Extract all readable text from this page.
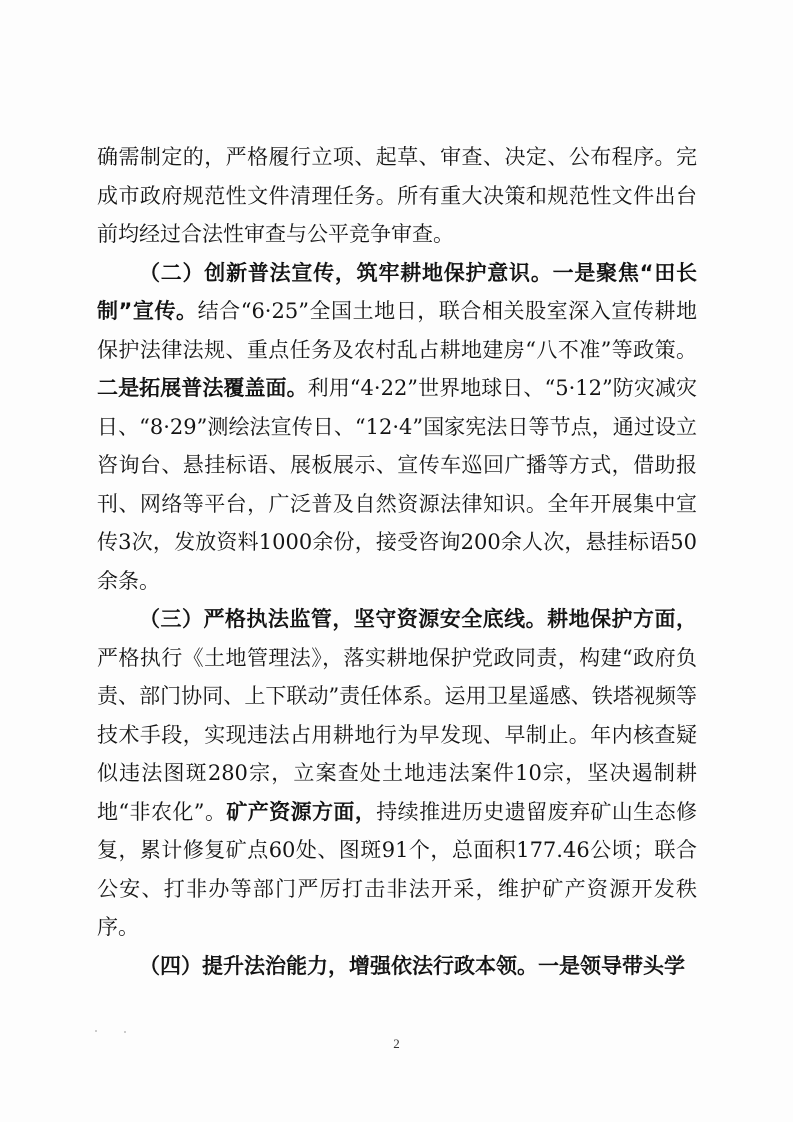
确需制定的，严格履行立项、起草、审查、决定、公布程序。完成市政府规范性文件清理任务。所有重大决策和规范性文件出台前均经过合法性审查与公平竞争审查。

（二）创新普法宣传，筑牢耕地保护意识。一是聚焦“田长制”宣传。结合“6·25”全国土地日，联合相关股室深入宣传耕地保护法律法规、重点任务及农村乱占耕地建房“八不准”等政策。二是拓展普法覆盖面。利用“4·22”世界地球日、“5·12”防灾减灾日、“8·29”测绘法宣传日、“12·4”国家宪法日等节点，通过设立咨询台、悬挂标语、展板展示、宣传车巡回广播等方式，借助报刊、网络等平台，广泛普及自然资源法律知识。全年开展集中宣传3次，发放资料1000余份，接受咨询200余人次，悬挂标语50余条。

（三）严格执法监管，坚守资源安全底线。耕地保护方面，严格执行《土地管理法》，落实耕地保护党政同责，构建“政府负责、部门协同、上下联动”责任体系。运用卫星遥感、铁塔视频等技术手段，实现违法占用耕地行为早发现、早制止。年内核查疑似违法图斑280宗，立案查处土地违法案件10宗，坚决遏制耕地“非农化”。矿产资源方面，持续推进历史遗留废弃矿山生态修复，累计修复矿点60处、图斑91个，总面积177.46公顷；联合公安、打非办等部门严厉打击非法开采，维护矿产资源开发秩序。

（四）提升法治能力，增强依法行政本领。一是领导带头学

2
